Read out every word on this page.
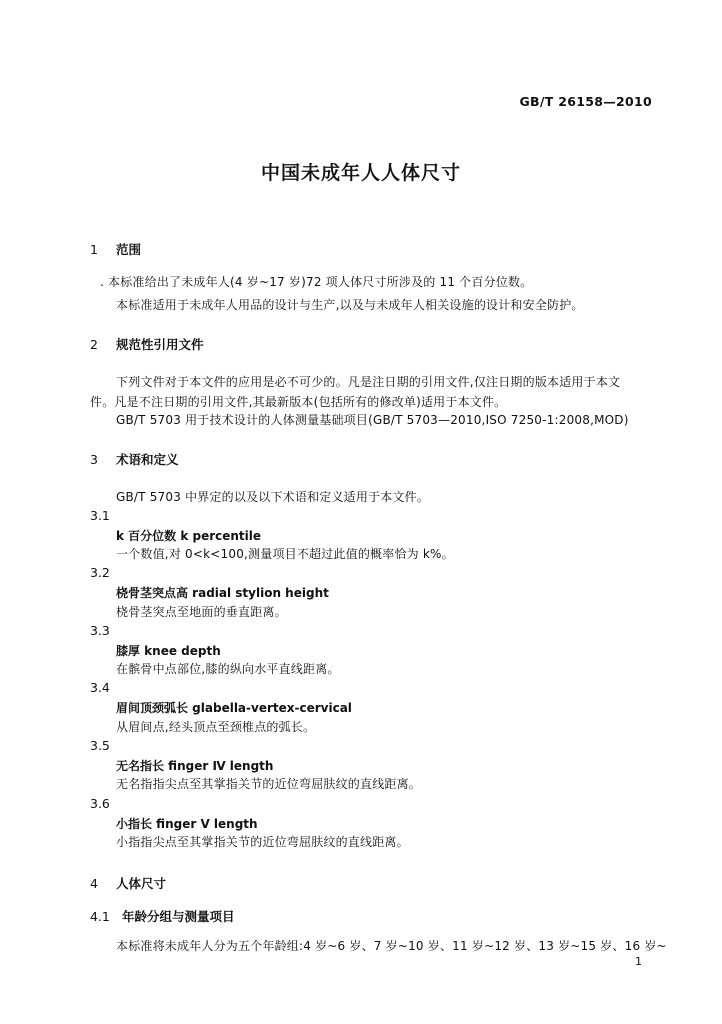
GB/T 26158—2010
中国未成年人人体尺寸
1 范围
. 本标准给出了未成年人(4 岁~17 岁)72 项人体尺寸所涉及的 11 个百分位数。
本标准适用于未成年人用品的设计与生产,以及与未成年人相关设施的设计和安全防护。
2 规范性引用文件
下列文件对于本文件的应用是必不可少的。凡是注日期的引用文件,仅注日期的版本适用于本文
件。凡是不注日期的引用文件,其最新版本(包括所有的修改单)适用于本文件。
GB/T 5703 用于技术设计的人体测量基础项目(GB/T 5703—2010,ISO 7250-1:2008,MOD)
3 术语和定义
GB/T 5703 中界定的以及以下术语和定义适用于本文件。
3.1
k 百分位数 k percentile
一个数值,对 0<k<100,测量项目不超过此值的概率恰为 k%。
3.2
桡骨茎突点高 radial stylion height
桡骨茎突点至地面的垂直距离。
3.3
膝厚 knee depth
在髌骨中点部位,膝的纵向水平直线距离。
3.4
眉间顶颈弧长 glabella-vertex-cervical
从眉间点,经头顶点至颈椎点的弧长。
3.5
无名指长 finger Ⅳ length
无名指指尖点至其掌指关节的近位弯屈肤纹的直线距离。
3.6
小指长 finger Ⅴ length
小指指尖点至其掌指关节的近位弯屈肤纹的直线距离。
4 人体尺寸
4.1 年龄分组与测量项目
本标准将未成年人分为五个年龄组:4 岁~6 岁、7 岁~10 岁、11 岁~12 岁、13 岁~15 岁、16 岁~
1
